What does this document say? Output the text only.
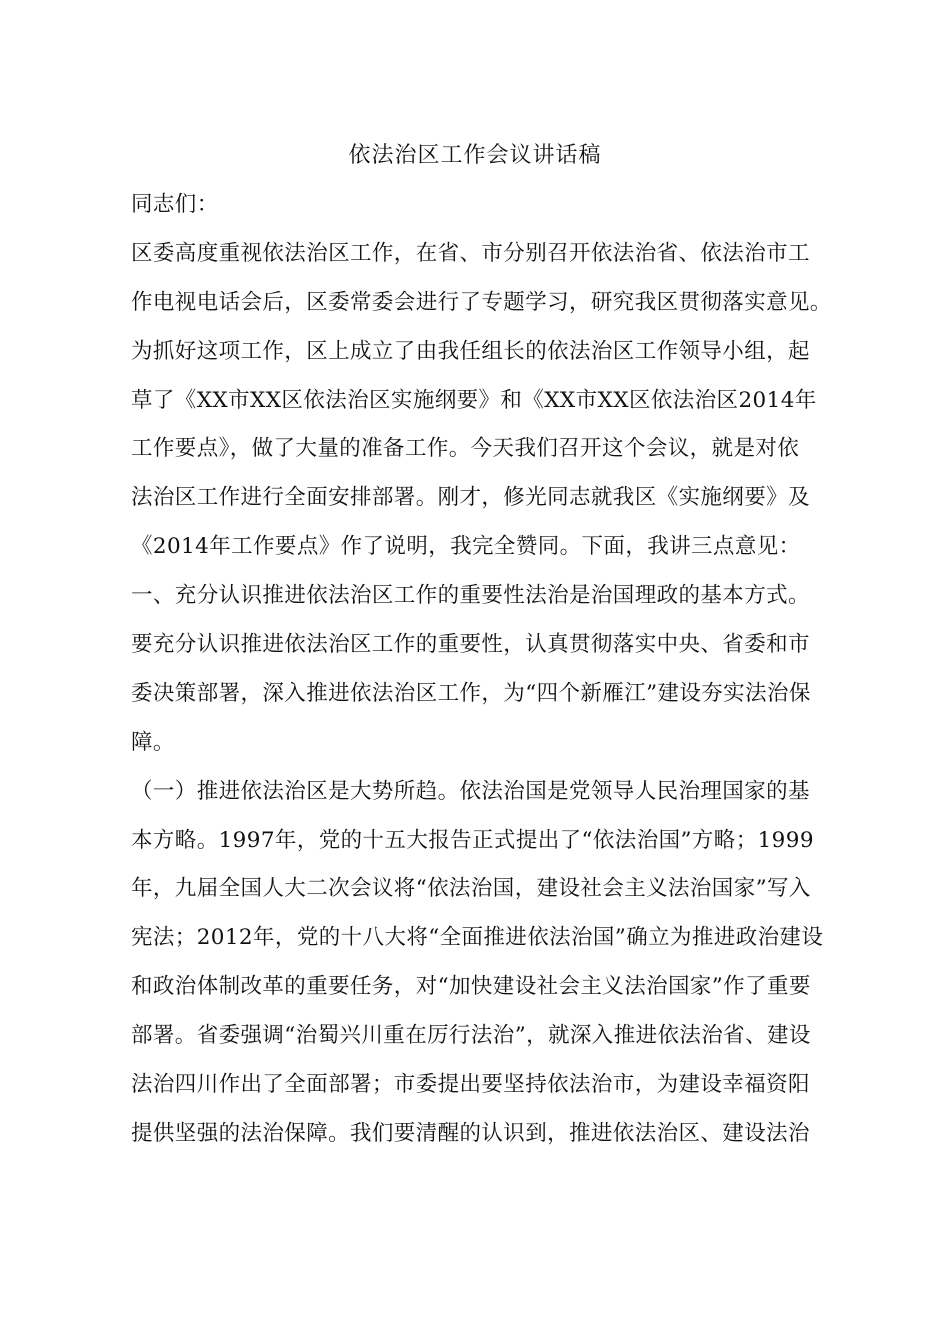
依法治区工作会议讲话稿
同志们：
区委高度重视依法治区工作，在省、市分别召开依法治省、依法治市工
作电视电话会后，区委常委会进行了专题学习，研究我区贯彻落实意见。
为抓好这项工作，区上成立了由我任组长的依法治区工作领导小组，起
草了《XX市XX区依法治区实施纲要》和《XX市XX区依法治区2014年
工作要点》，做了大量的准备工作。今天我们召开这个会议，就是对依
法治区工作进行全面安排部署。刚才，修光同志就我区《实施纲要》及
《2014年工作要点》作了说明，我完全赞同。下面，我讲三点意见：
一、充分认识推进依法治区工作的重要性法治是治国理政的基本方式。
要充分认识推进依法治区工作的重要性，认真贯彻落实中央、省委和市
委决策部署，深入推进依法治区工作，为“四个新雁江”建设夯实法治保
障。
（一）推进依法治区是大势所趋。依法治国是党领导人民治理国家的基
本方略。1997年，党的十五大报告正式提出了“依法治国”方略；1999
年，九届全国人大二次会议将“依法治国，建设社会主义法治国家”写入
宪法；2012年，党的十八大将“全面推进依法治国”确立为推进政治建设
和政治体制改革的重要任务，对“加快建设社会主义法治国家”作了重要
部署。省委强调“治蜀兴川重在厉行法治”，就深入推进依法治省、建设
法治四川作出了全面部署；市委提出要坚持依法治市，为建设幸福资阳
提供坚强的法治保障。我们要清醒的认识到，推进依法治区、建设法治
